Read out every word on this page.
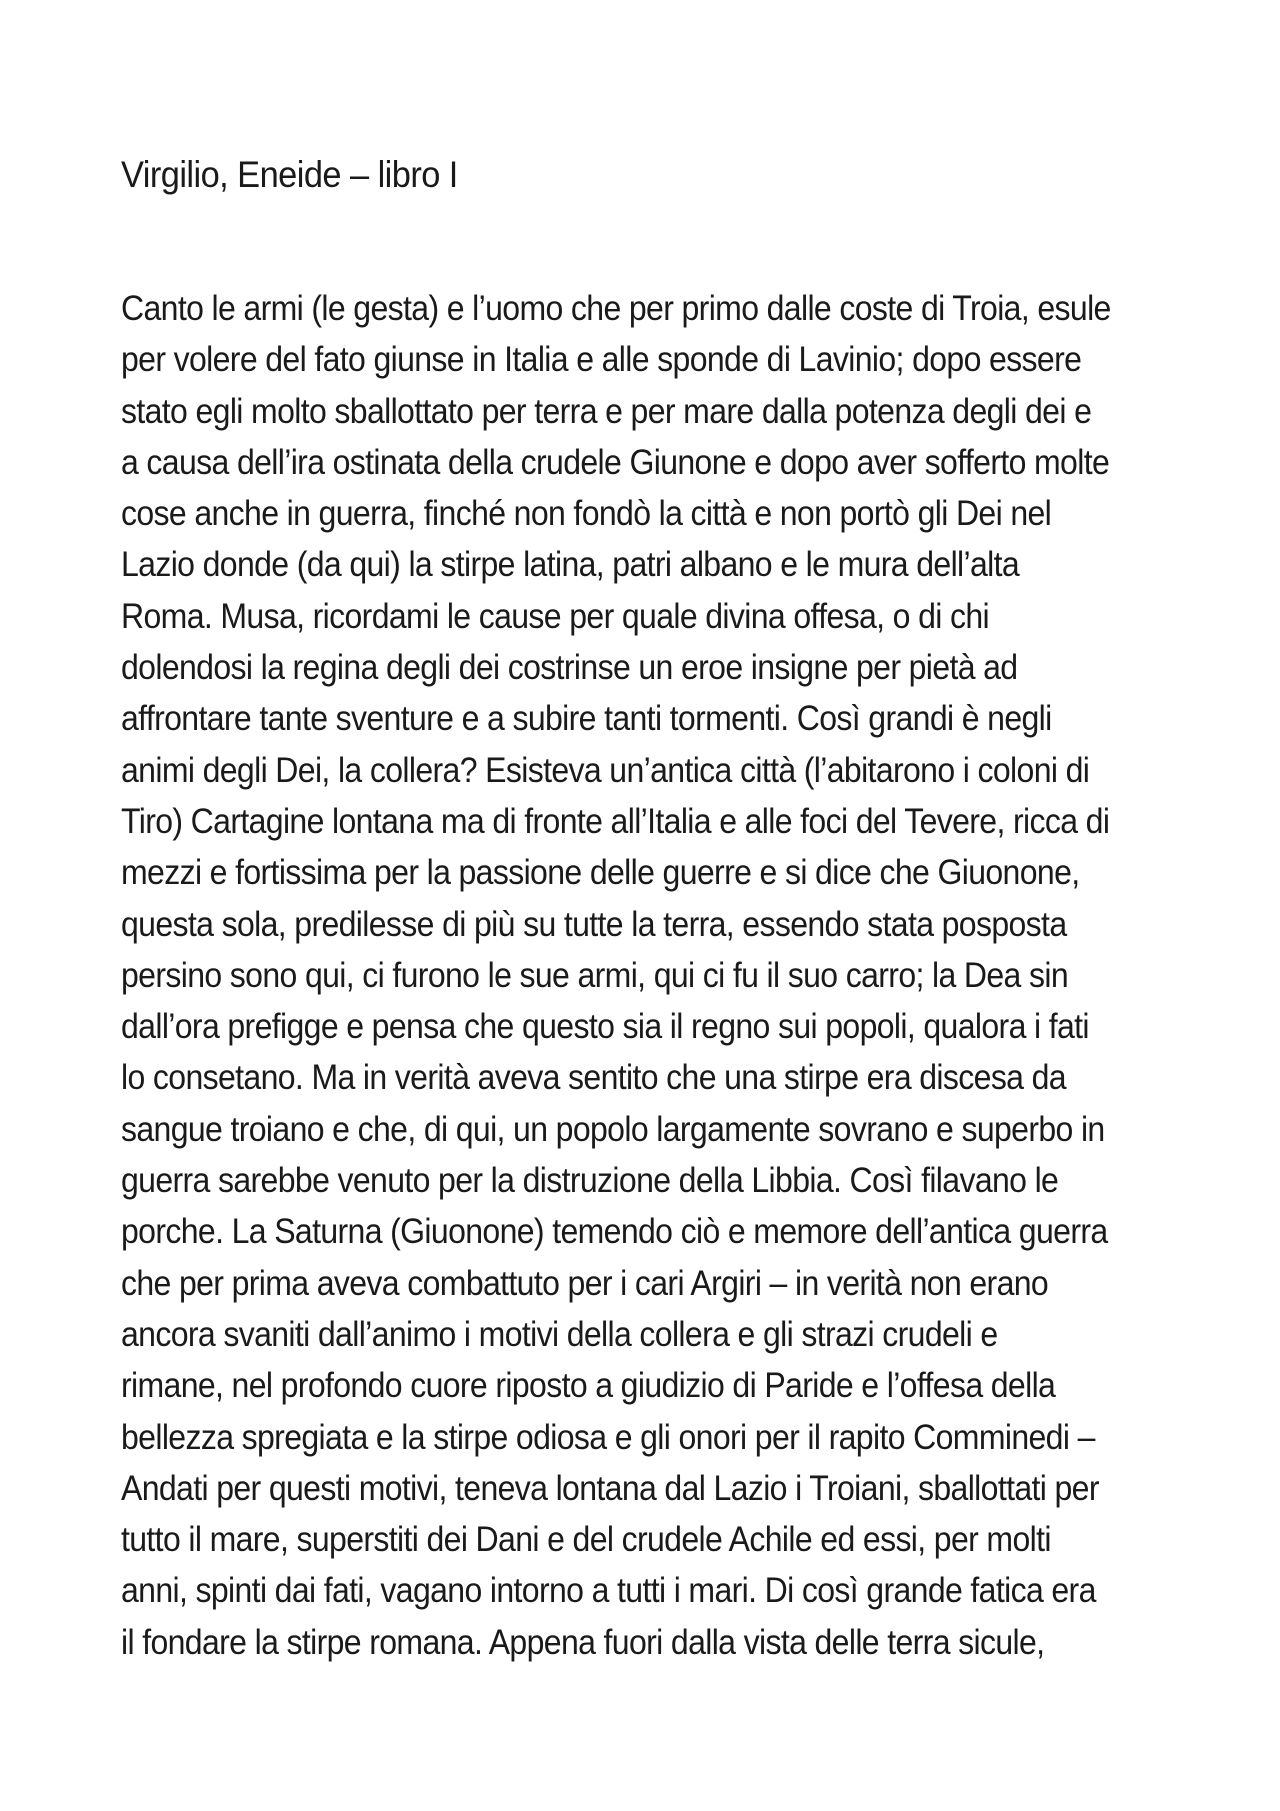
Virgilio, Eneide – libro I
Canto le armi (le gesta) e l’uomo che per primo dalle coste di Troia, esule
per volere del fato giunse in Italia e alle sponde di Lavinio; dopo essere
stato egli molto sballottato per terra e per mare dalla potenza degli dei e
a causa dell’ira ostinata della crudele Giunone e dopo aver sofferto molte
cose anche in guerra, finché non fondò la città e non portò gli Dei nel
Lazio donde (da qui) la stirpe latina, patri albano e le mura dell’alta
Roma. Musa, ricordami le cause per quale divina offesa, o di chi
dolendosi la regina degli dei costrinse un eroe insigne per pietà ad
affrontare tante sventure e a subire tanti tormenti. Così grandi è negli
animi degli Dei, la collera? Esisteva un’antica città (l’abitarono i coloni di
Tiro) Cartagine lontana ma di fronte all’Italia e alle foci del Tevere, ricca di
mezzi e fortissima per la passione delle guerre e si dice che Giuonone,
questa sola, predilesse di più su tutte la terra, essendo stata posposta
persino sono qui, ci furono le sue armi, qui ci fu il suo carro; la Dea sin
dall’ora prefigge e pensa che questo sia il regno sui popoli, qualora i fati
lo consetano. Ma in verità aveva sentito che una stirpe era discesa da
sangue troiano e che, di qui, un popolo largamente sovrano e superbo in
guerra sarebbe venuto per la distruzione della Libbia. Così filavano le
porche. La Saturna (Giuonone) temendo ciò e memore dell’antica guerra
che per prima aveva combattuto per i cari Argiri – in verità non erano
ancora svaniti dall’animo i motivi della collera e gli strazi crudeli e
rimane, nel profondo cuore riposto a giudizio di Paride e l’offesa della
bellezza spregiata e la stirpe odiosa e gli onori per il rapito Comminedi –
Andati per questi motivi, teneva lontana dal Lazio i Troiani, sballottati per
tutto il mare, superstiti dei Dani e del crudele Achile ed essi, per molti
anni, spinti dai fati, vagano intorno a tutti i mari. Di così grande fatica era
il fondare la stirpe romana. Appena fuori dalla vista delle terra sicule,
